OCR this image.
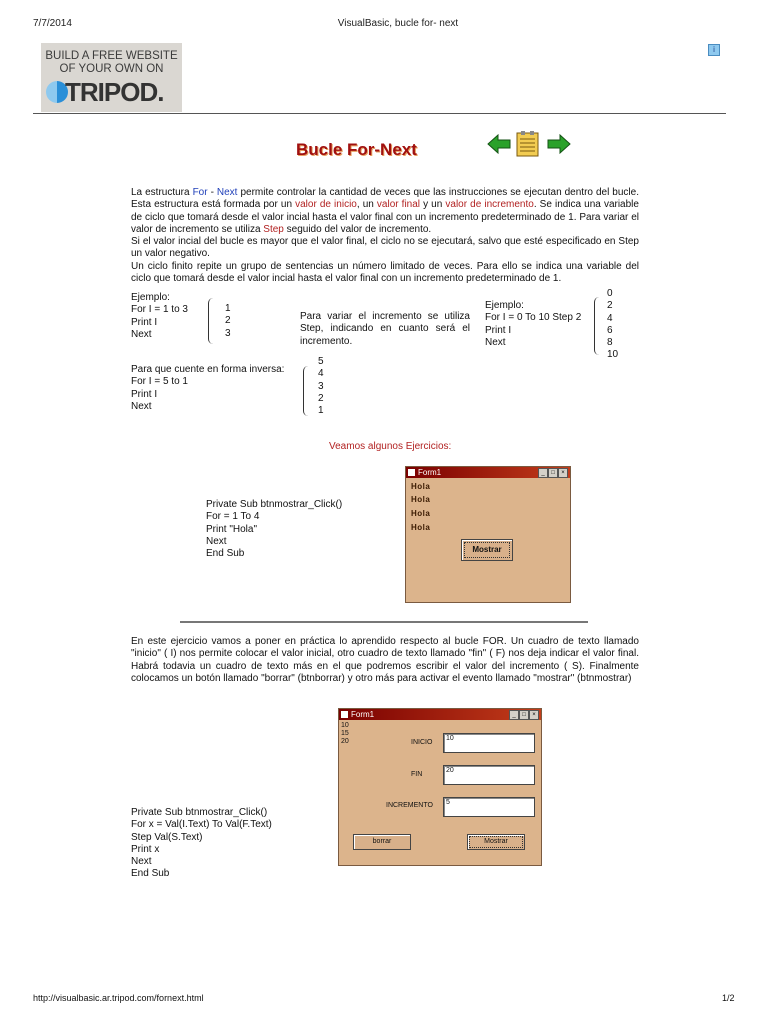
7/7/2014	VisualBasic, bucle for- next
BUILD A FREE WEBSITE
OF YOUR OWN ON
TRIPOD.
i
Bucle For-Next
La estructura For - Next permite controlar la cantidad de veces que las instrucciones se ejecutan dentro del bucle. Esta estructura está formada por un valor de inicio, un valor final y un valor de incremento. Se indica una variable de ciclo que tomará desde el valor incial hasta el valor final con un incremento predeterminado de 1. Para variar el valor de incremento se utiliza Step seguido del valor de incremento.
Si el valor incial del bucle es mayor que el valor final, el ciclo no se ejecutará, salvo que esté especificado en Step un valor negativo.
Un ciclo finito repite un grupo de sentencias un número limitado de veces. Para ello se indica una variable del ciclo que tomará desde el valor incial hasta el valor final con un incremento predeterminado de 1.
Ejemplo:
For I = 1 to 3
Print I
Next
1
2
3
Para variar el incremento se utiliza Step, indicando en cuanto será el incremento.
Ejemplo:
For I = 0 To 10 Step 2
Print I
Next
0
2
4
6
8
10
Para que cuente en forma inversa:
For I = 5 to 1
Print I
Next
5
4
3
2
1
Veamos algunos Ejercicios:
Private Sub btnmostrar_Click()
For = 1 To 4
Print "Hola"
Next
End Sub
Form1	_	□	×
Hola
Hola
Hola
Hola
Mostrar
En este ejercicio vamos a poner en práctica lo aprendido respecto al bucle FOR. Un cuadro de texto llamado "inicio" ( I) nos permite colocar el valor inicial, otro cuadro de texto llamado "fin" ( F) nos deja indicar el valor final. Habrá todavia un cuadro de texto más en el que podremos escribir el valor del incremento ( S). Finalmente colocamos un botón llamado "borrar" (btnborrar) y otro más para activar el evento llamado "mostrar" (btnmostrar)
Form1	_	□	×
10
15
20	INICIO
10
FIN
20
INCREMENTO	5
borrar	Mostrar
Private Sub btnmostrar_Click()
For x = Val(I.Text) To Val(F.Text)
Step Val(S.Text)
Print x
Next
End Sub
http://visualbasic.ar.tripod.com/fornext.html	1/2
